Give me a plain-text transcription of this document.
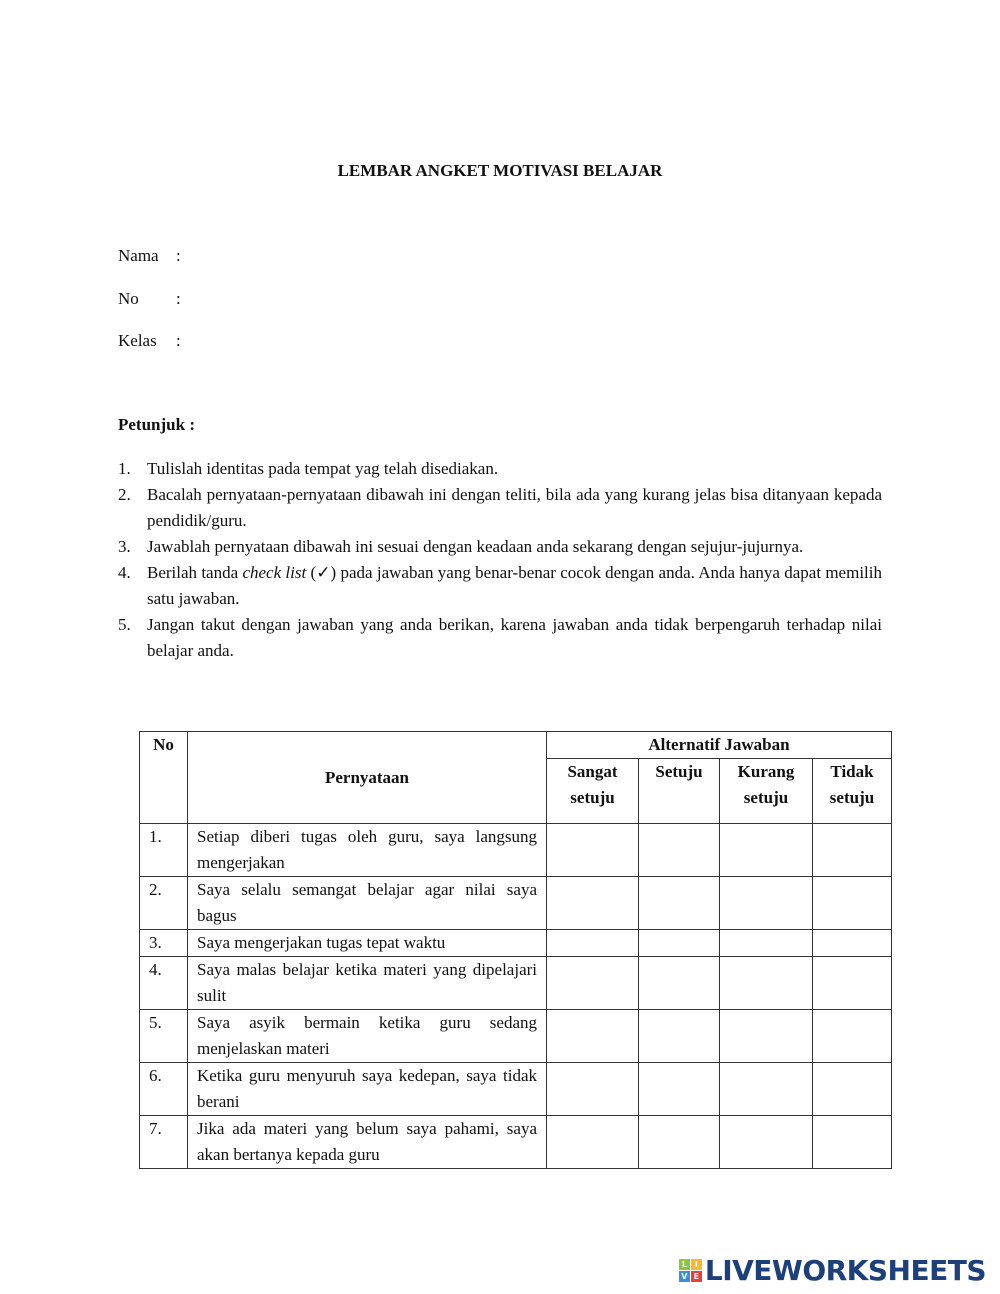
LEMBAR ANGKET MOTIVASI BELAJAR
Nama :
No :
Kelas :
Petunjuk :
1. Tulislah identitas pada tempat yag telah disediakan.
2. Bacalah pernyataan-pernyataan dibawah ini dengan teliti, bila ada yang kurang jelas bisa ditanyaan kepada pendidik/guru.
3. Jawablah pernyataan dibawah ini sesuai dengan keadaan anda sekarang dengan sejujur-jujurnya.
4. Berilah tanda check list (✓) pada jawaban yang benar-benar cocok dengan anda. Anda hanya dapat memilih satu jawaban.
5. Jangan takut dengan jawaban yang anda berikan, karena jawaban anda tidak berpengaruh terhadap nilai belajar anda.
No	Pernyataan	Alternatif Jawaban			
		Sangat setuju	Setuju	Kurang setuju	Tidak setuju
1.	Setiap diberi tugas oleh guru, saya langsung mengerjakan				
2.	Saya selalu semangat belajar agar nilai saya bagus				
3.	Saya mengerjakan tugas tepat waktu				
4.	Saya malas belajar ketika materi yang dipelajari sulit				
5.	Saya asyik bermain ketika guru sedang menjelaskan materi				
6.	Ketika guru menyuruh saya kedepan, saya tidak berani				
7.	Jika ada materi yang belum saya pahami, saya akan bertanya kepada guru				
L I
V E LIVEWORKSHEETS
